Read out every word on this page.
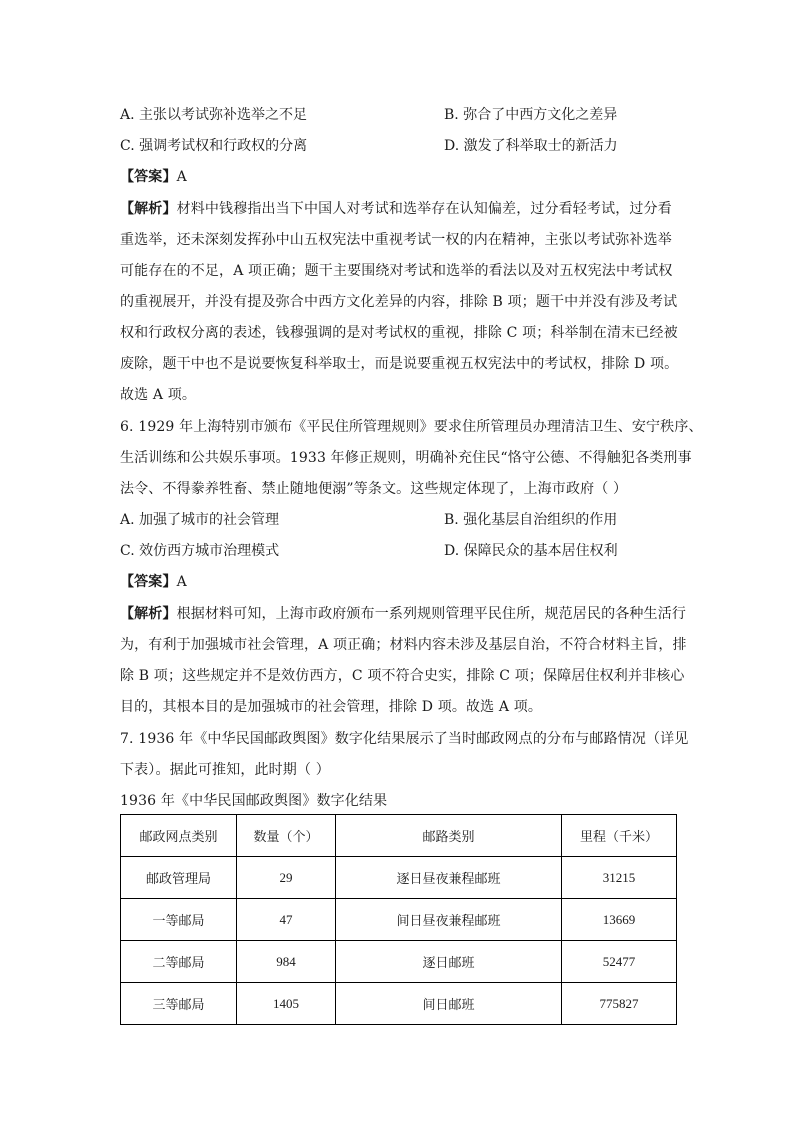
A. 主张以考试弥补选举之不足	B. 弥合了中西方文化之差异
C. 强调考试权和行政权的分离	D. 激发了科举取士的新活力
【答案】A
【解析】材料中钱穆指出当下中国人对考试和选举存在认知偏差，过分看轻考试，过分看
重选举，还未深刻发挥孙中山五权宪法中重视考试一权的内在精神，主张以考试弥补选举
可能存在的不足，A 项正确；题干主要围绕对考试和选举的看法以及对五权宪法中考试权
的重视展开，并没有提及弥合中西方文化差异的内容，排除 B 项；题干中并没有涉及考试
权和行政权分离的表述，钱穆强调的是对考试权的重视，排除 C 项；科举制在清末已经被
废除，题干中也不是说要恢复科举取士，而是说要重视五权宪法中的考试权，排除 D 项。
故选 A 项。
6. 1929 年上海特别市颁布《平民住所管理规则》要求住所管理员办理清洁卫生、安宁秩序、
生活训练和公共娱乐事项。1933 年修正规则，明确补充住民“恪守公德、不得触犯各类刑事
法令、不得豢养牲畜、禁止随地便溺”等条文。这些规定体现了，上海市政府（ ）
A. 加强了城市的社会管理	B. 强化基层自治组织的作用
C. 效仿西方城市治理模式	D. 保障民众的基本居住权利
【答案】A
【解析】根据材料可知，上海市政府颁布一系列规则管理平民住所，规范居民的各种生活行
为，有利于加强城市社会管理，A 项正确；材料内容未涉及基层自治，不符合材料主旨，排
除 B 项；这些规定并不是效仿西方，C 项不符合史实，排除 C 项；保障居住权利并非核心
目的，其根本目的是加强城市的社会管理，排除 D 项。故选 A 项。
7. 1936 年《中华民国邮政舆图》数字化结果展示了当时邮政网点的分布与邮路情况（详见
下表）。据此可推知，此时期（ ）
1936 年《中华民国邮政舆图》数字化结果
邮政网点类别	数量（个）	邮路类别	里程（千米）
邮政管理局	29	逐日昼夜兼程邮班	31215
一等邮局	47	间日昼夜兼程邮班	13669
二等邮局	984	逐日邮班	52477
三等邮局	1405	间日邮班	775827
